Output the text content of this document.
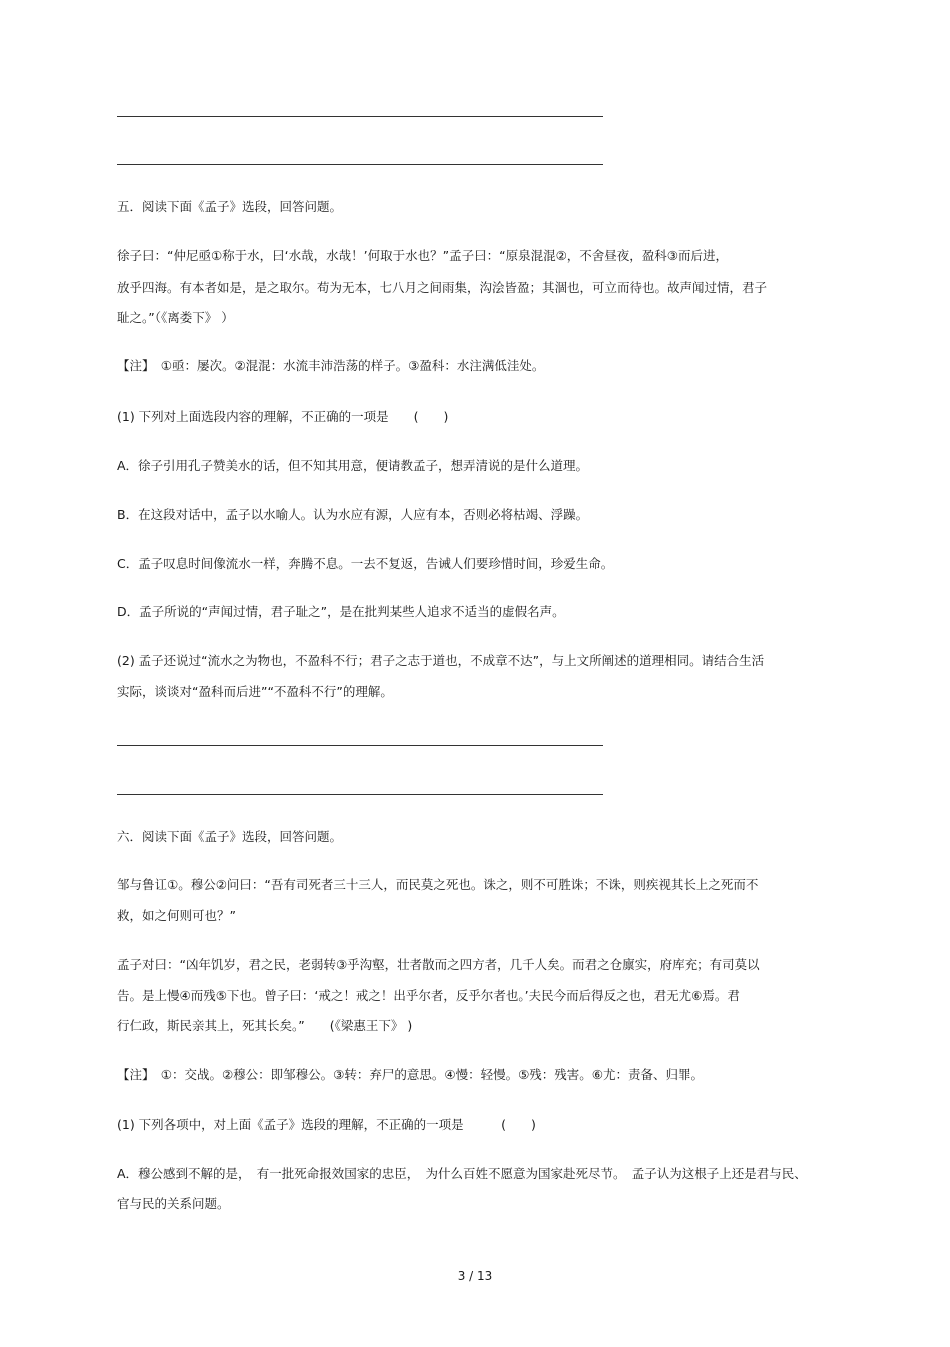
五．阅读下面《孟子》选段，回答问题。
徐子曰：“仲尼亟①称于水，曰‘水哉，水哉！’何取于水也？”孟子曰：“原泉混混②，不舍昼夜，盈科③而后进，
放乎四海。有本者如是，是之取尔。苟为无本，七八月之间雨集，沟浍皆盈；其涸也，可立而待也。故声闻过情，君子
耻之。”（《离娄下》 ）
【注】　①亟：屡次。②混混：水流丰沛浩荡的样子。③盈科：水注满低洼处。
(1) 下列对上面选段内容的理解，不正确的一项是　　(　　)
A．徐子引用孔子赞美水的话，但不知其用意，便请教孟子，想弄清说的是什么道理。
B．在这段对话中，孟子以水喻人。认为水应有源，人应有本，否则必将枯竭、浮躁。
C．孟子叹息时间像流水一样，奔腾不息。一去不复返，告诫人们要珍惜时间，珍爱生命。
D．孟子所说的“声闻过情，君子耻之”，是在批判某些人追求不适当的虚假名声。
(2) 孟子还说过“流水之为物也，不盈科不行；君子之志于道也，不成章不达”，与上文所阐述的道理相同。请结合生活
实际，谈谈对“盈科而后进”“不盈科不行”的理解。
六．阅读下面《孟子》选段，回答问题。
邹与鲁讧①。穆公②问曰：“吾有司死者三十三人，而民莫之死也。诛之，则不可胜诛；不诛，则疾视其长上之死而不
救，如之何则可也？”
孟子对曰：“凶年饥岁，君之民，老弱转③乎沟壑，壮者散而之四方者，几千人矣。而君之仓廪实，府库充；有司莫以
告。是上慢④而残⑤下也。曾子曰：‘戒之！戒之！出乎尔者，反乎尔者也。’夫民今而后得反之也，君无尤⑥焉。君
行仁政，斯民亲其上，死其长矣。”　　(《梁惠王下》 )
【注】　①：交战。②穆公：即邹穆公。③转：弃尸的意思。④慢：轻慢。⑤残：残害。⑥尤：责备、归罪。
(1) 下列各项中，对上面《孟子》选段的理解，不正确的一项是　　　(　　)
A．穆公感到不解的是，　有一批死命报效国家的忠臣，　为什么百姓不愿意为国家赴死尽节。　孟子认为这根子上还是君与民、
官与民的关系问题。
3 / 13
